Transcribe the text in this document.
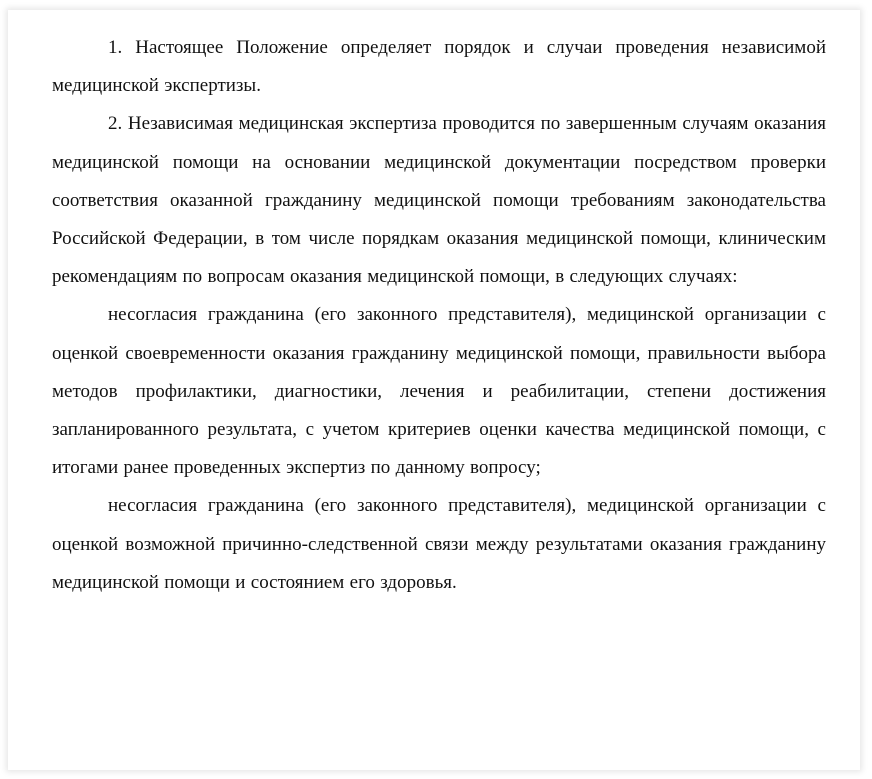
1. Настоящее Положение определяет порядок и случаи проведения независимой медицинской экспертизы.

2. Независимая медицинская экспертиза проводится по завершенным случаям оказания медицинской помощи на основании медицинской документации посредством проверки соответствия оказанной гражданину медицинской помощи требованиям законодательства Российской Федерации, в том числе порядкам оказания медицинской помощи, клиническим рекомендациям по вопросам оказания медицинской помощи, в следующих случаях:

несогласия гражданина (его законного представителя), медицинской организации с оценкой своевременности оказания гражданину медицинской помощи, правильности выбора методов профилактики, диагностики, лечения и реабилитации, степени достижения запланированного результата, с учетом критериев оценки качества медицинской помощи, с итогами ранее проведенных экспертиз по данному вопросу;

несогласия гражданина (его законного представителя), медицинской организации с оценкой возможной причинно-следственной связи между результатами оказания гражданину медицинской помощи и состоянием его здоровья.
